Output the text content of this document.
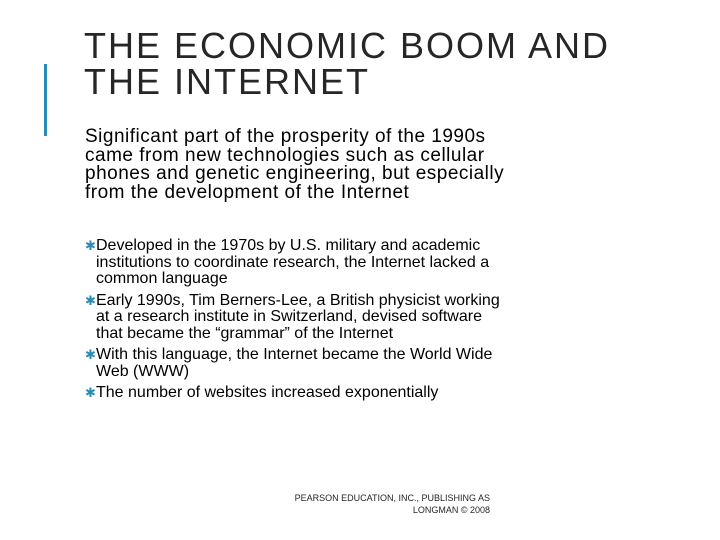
THE ECONOMIC BOOM AND
THE INTERNET

Significant part of the prosperity of the 1990s came from new technologies such as cellular phones and genetic engineering, but especially from the development of the Internet

✱Developed in the 1970s by U.S. military and academic institutions to coordinate research, the Internet lacked a common language
✱Early 1990s, Tim Berners-Lee, a British physicist working at a research institute in Switzerland, devised software that became the “grammar” of the Internet
✱With this language, the Internet became the World Wide Web (WWW)
✱The number of websites increased exponentially
PEARSON EDUCATION, INC., PUBLISHING AS
LONGMAN © 2008
